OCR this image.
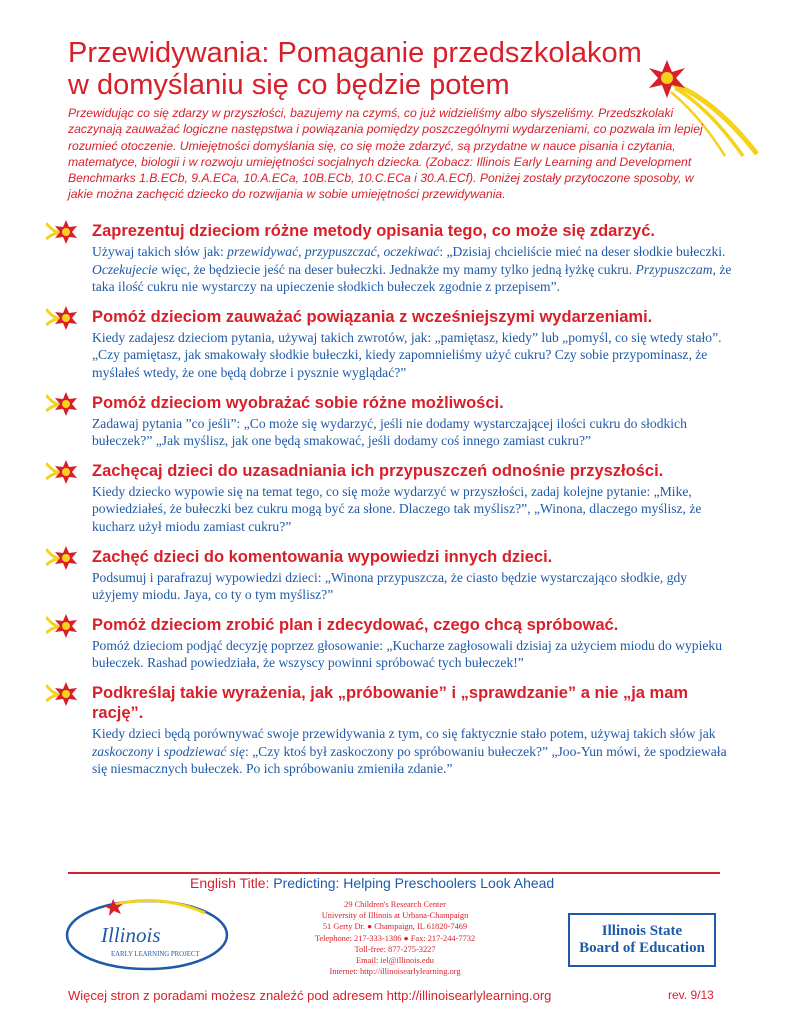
Przewidywania: Pomaganie przedszkolakom
w domyślaniu się co będzie potem

Przewidując co się zdarzy w przyszłości, bazujemy na czymś, co już widzieliśmy albo słyszeliśmy. Przedszkolaki zaczynają zauważać logiczne następstwa i powiązania pomiędzy poszczególnymi wydarzeniami, co pozwala im lepiej rozumieć otoczenie. Umiejętności domyślania się, co się może zdarzyć, są przydatne w nauce pisania i czytania, matematyce, biologii i w rozwoju umiejętności socjalnych dziecka. (Zobacz: Illinois Early Learning and Development Benchmarks 1.B.ECb, 9.A.ECa, 10.A.ECa, 10B.ECb, 10.C.ECa i 30.A.ECf). Poniżej zostały przytoczone sposoby, w jakie można zachęcić dziecko do rozwijania w sobie umiejętności przewidywania.

Zaprezentuj dzieciom różne metody opisania tego, co może się zdarzyć.

Używaj takich słów jak: przewidywać, przypuszczać, oczekiwać: „Dzisiaj chcieliście mieć na deser słodkie bułeczki. Oczekujecie więc, że będziecie jeść na deser bułeczki. Jednakże my mamy tylko jedną łyżkę cukru. Przypuszczam, że taka ilość cukru nie wystarczy na upieczenie słodkich bułeczek zgodnie z przepisem”.

Pomóż dzieciom zauważać powiązania z wcześniejszymi wydarzeniami.

Kiedy zadajesz dzieciom pytania, używaj takich zwrotów, jak: „pamiętasz, kiedy” lub „pomyśl, co się wtedy stało”. „Czy pamiętasz, jak smakowały słodkie bułeczki, kiedy zapomnieliśmy użyć cukru? Czy sobie przypominasz, że myślałeś wtedy, że one będą dobrze i pysznie wyglądać?”

Pomóż dzieciom wyobrażać sobie różne możliwości.

Zadawaj pytania ”co jeśli”: „Co może się wydarzyć, jeśli nie dodamy wystarczającej ilości cukru do słodkich bułeczek?” „Jak myślisz, jak one będą smakować, jeśli dodamy coś innego zamiast cukru?”

Zachęcaj dzieci do uzasadniania ich przypuszczeń odnośnie przyszłości.

Kiedy dziecko wypowie się na temat tego, co się może wydarzyć w przyszłości, zadaj kolejne pytanie: „Mike, powiedziałeś, że bułeczki bez cukru mogą być za słone. Dlaczego tak myślisz?”, „Winona, dlaczego myślisz, że kucharz użył miodu zamiast cukru?”

Zachęć dzieci do komentowania wypowiedzi innych dzieci.

Podsumuj i parafrazuj wypowiedzi dzieci: „Winona przypuszcza, że ciasto będzie wystarczająco słodkie, gdy użyjemy miodu. Jaya, co ty o tym myślisz?”

Pomóż dzieciom zrobić plan i zdecydować, czego chcą spróbować.

Pomóż dzieciom podjąć decyzję poprzez głosowanie: „Kucharze zagłosowali dzisiaj za użyciem miodu do wypieku bułeczek. Rashad powiedziała, że wszyscy powinni spróbować tych bułeczek!”

Podkreślaj takie wyrażenia, jak „próbowanie” i „sprawdzanie” a nie „ja mam rację”.

Kiedy dzieci będą porównywać swoje przewidywania z tym, co się faktycznie stało potem, używaj takich słów jak zaskoczony i spodziewać się: „Czy ktoś był zaskoczony po spróbowaniu bułeczek?” „Joo-Yun mówi, że spodziewała się niesmacznych bułeczek. Po ich spróbowaniu zmieniła zdanie.”

English Title: Predicting: Helping Preschoolers Look Ahead
Illinois
EARLY LEARNING PROJECT
29 Children's Research Center
University of Illinois at Urbana-Champaign
51 Gerty Dr. ● Champaign, IL 61820-7469
Telephone: 217-333-1386 ● Fax: 217-244-7732
Toll-free: 877-275-3227
Email: iel@illinois.edu
Internet: http://illinoisearlylearning.org
Illinois State
Board of Education
Więcej stron z poradami możesz znaleźć pod adresem http://illinoisearlylearning.org	rev. 9/13
